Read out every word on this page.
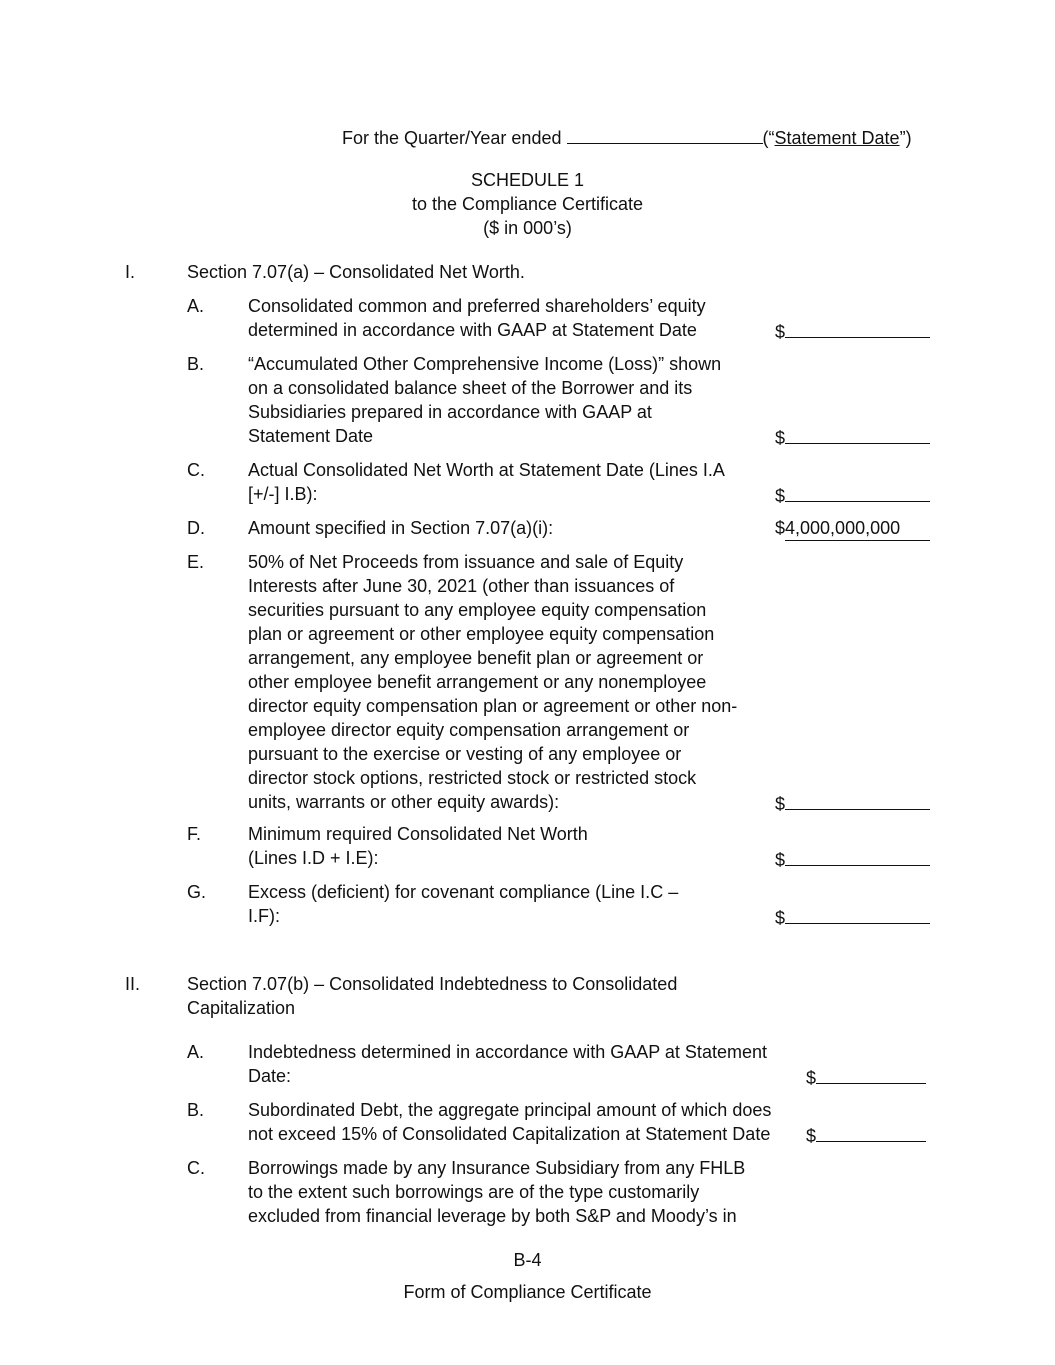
For the Quarter/Year ended	(“Statement Date”)
SCHEDULE 1
to the Compliance Certificate
($ in 000’s)
I.	Section 7.07(a) – Consolidated Net Worth.
A. Consolidated common and preferred shareholders’ equity
determined in accordance with GAAP at Statement Date	$
B. “Accumulated Other Comprehensive Income (Loss)” shown
on a consolidated balance sheet of the Borrower and its
Subsidiaries prepared in accordance with GAAP at
Statement Date	$
C. Actual Consolidated Net Worth at Statement Date (Lines I.A
[+/-] I.B):	$
D. Amount specified in Section 7.07(a)(i):	$4,000,000,000
E. 50% of Net Proceeds from issuance and sale of Equity
Interests after June 30, 2021 (other than issuances of
securities pursuant to any employee equity compensation
plan or agreement or other employee equity compensation
arrangement, any employee benefit plan or agreement or
other employee benefit arrangement or any nonemployee
director equity compensation plan or agreement or other non-
employee director equity compensation arrangement or
pursuant to the exercise or vesting of any employee or
director stock options, restricted stock or restricted stock
units, warrants or other equity awards):	$
F.	Minimum required Consolidated Net Worth
(Lines I.D + I.E):	$
G. Excess (deficient) for covenant compliance (Line I.C –
I.F):	$
II.	Section 7.07(b) – Consolidated Indebtedness to Consolidated
Capitalization
A. Indebtedness determined in accordance with GAAP at Statement
Date:	$
B. Subordinated Debt, the aggregate principal amount of which does
not exceed 15% of Consolidated Capitalization at Statement Date $
C. Borrowings made by any Insurance Subsidiary from any FHLB
to the extent such borrowings are of the type customarily
excluded from financial leverage by both S&P and Moody’s in
B-4
Form of Compliance Certificate
